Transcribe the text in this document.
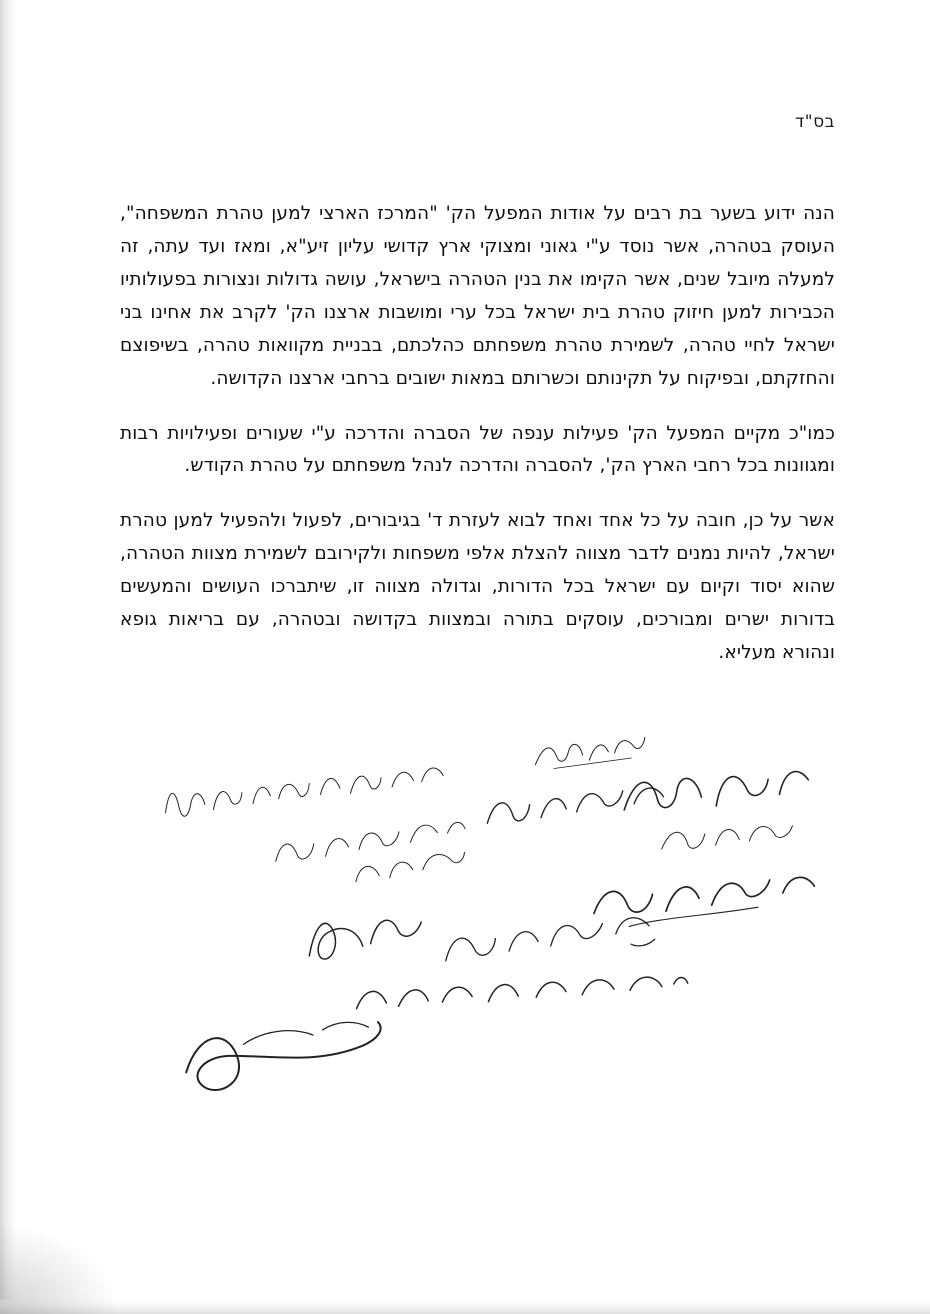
בס"ד

הנה ידוע בשער בת רבים על אודות המפעל הק' "המרכז הארצי למען טהרת המשפחה", העוסק בטהרה, אשר נוסד ע"י גאוני ומצוקי ארץ קדושי עליון זיע"א, ומאז ועד עתה, זה למעלה מיובל שנים, אשר הקימו את בנין הטהרה בישראל, עושה גדולות ונצורות בפעולותיו הכבירות למען חיזוק טהרת בית ישראל בכל ערי ומושבות ארצנו הק' לקרב את אחינו בני ישראל לחיי טהרה, לשמירת טהרת משפחתם כהלכתם, בבניית מקוואות טהרה, בשיפוצם והחזקתם, ובפיקוח על תקינותם וכשרותם במאות ישובים ברחבי ארצנו הקדושה.

כמו"כ מקיים המפעל הק' פעילות ענפה של הסברה והדרכה ע"י שעורים ופעילויות רבות ומגוונות בכל רחבי הארץ הק', להסברה והדרכה לנהל משפחתם על טהרת הקודש.

אשר על כן, חובה על כל אחד ואחד לבוא לעזרת ד' בגיבורים, לפעול ולהפעיל למען טהרת ישראל, להיות נמנים לדבר מצווה להצלת אלפי משפחות ולקירובם לשמירת מצוות הטהרה, שהוא יסוד וקיום עם ישראל בכל הדורות, וגדולה מצווה זו, שיתברכו העושים והמעשים בדורות ישרים ומבורכים, עוסקים בתורה ובמצוות בקדושה ובטהרה, עם בריאות גופא ונהורא מעליא.
